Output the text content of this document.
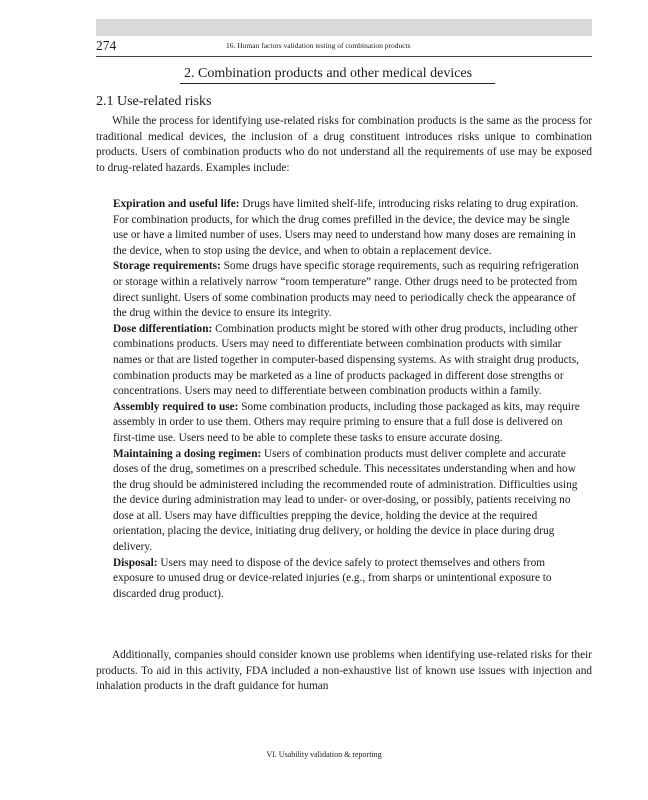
274	16. Human factors validation testing of combination products
2. Combination products and other medical devices
2.1 Use-related risks
While the process for identifying use-related risks for combination products is the same as the process for traditional medical devices, the inclusion of a drug constituent introduces risks unique to combination products. Users of combination products who do not understand all the requirements of use may be exposed to drug-related hazards. Examples include:

Expiration and useful life: Drugs have limited shelf-life, introducing risks relating to drug expiration. For combination products, for which the drug comes prefilled in the device, the device may be single use or have a limited number of uses. Users may need to understand how many doses are remaining in the device, when to stop using the device, and when to obtain a replacement device.

Storage requirements: Some drugs have specific storage requirements, such as requiring refrigeration or storage within a relatively narrow “room temperature” range. Other drugs need to be protected from direct sunlight. Users of some combination products may need to periodically check the appearance of the drug within the device to ensure its integrity.

Dose differentiation: Combination products might be stored with other drug products, including other combinations products. Users may need to differentiate between combination products with similar names or that are listed together in computer-based dispensing systems. As with straight drug products, combination products may be marketed as a line of products packaged in different dose strengths or concentrations. Users may need to differentiate between combination products within a family.

Assembly required to use: Some combination products, including those packaged as kits, may require assembly in order to use them. Others may require priming to ensure that a full dose is delivered on first-time use. Users need to be able to complete these tasks to ensure accurate dosing.

Maintaining a dosing regimen: Users of combination products must deliver complete and accurate doses of the drug, sometimes on a prescribed schedule. This necessitates understanding when and how the drug should be administered including the recommended route of administration. Difficulties using the device during administration may lead to under- or over-dosing, or possibly, patients receiving no dose at all. Users may have difficulties prepping the device, holding the device at the required orientation, placing the device, initiating drug delivery, or holding the device in place during drug delivery.

Disposal: Users may need to dispose of the device safely to protect themselves and others from exposure to unused drug or device-related injuries (e.g., from sharps or unintentional exposure to discarded drug product).

Additionally, companies should consider known use problems when identifying use-related risks for their products. To aid in this activity, FDA included a non-exhaustive list of known use issues with injection and inhalation products in the draft guidance for human
VI. Usability validation & reporting
